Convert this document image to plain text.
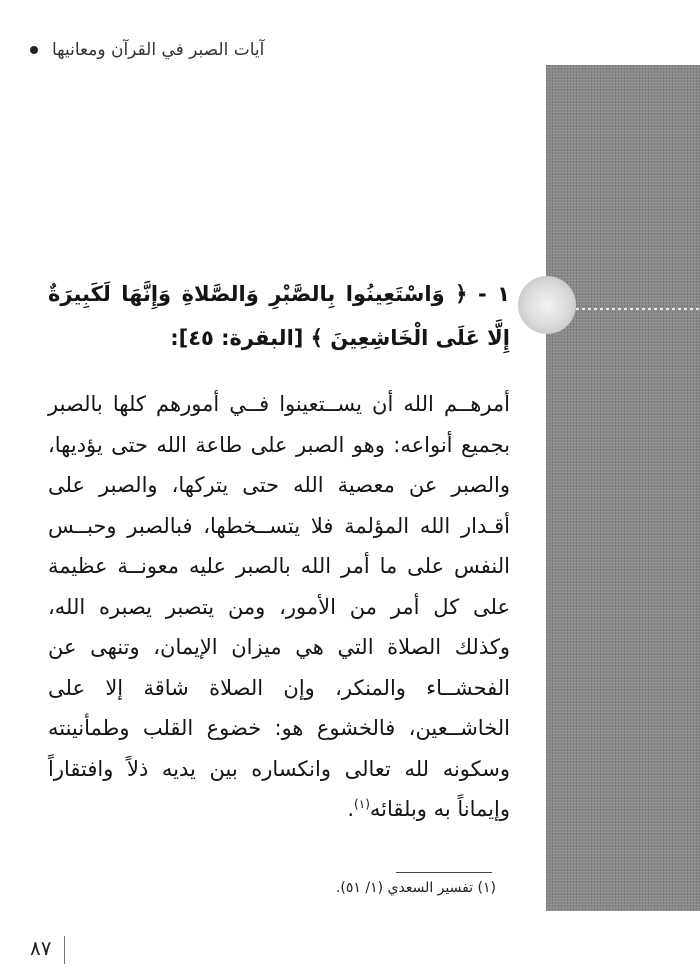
آيات الصبر في القرآن ومعانيها

١ - ﴿ وَاسْتَعِينُوا بِالصَّبْرِ وَالصَّلاةِ وَإِنَّهَا لَكَبِيرَةٌ إِلَّا عَلَى الْخَاشِعِينَ ﴾ [البقرة: ٤٥]:

أمرهــم الله أن يســتعينوا فــي أمورهم كلها بالصبر بجميع أنواعه: وهو الصبر على طاعة الله حتى يؤديها، والصبر عن معصية الله حتى يتركها، والصبر على أقـدار الله المؤلمة فلا يتســخطها، فبالصبر وحبــس النفس على ما أمر الله بالصبر عليه معونــة عظيمة على كل أمر من الأمور، ومن يتصبر يصبره الله، وكذلك الصلاة التي هي ميزان الإيمان، وتنهى عن الفحشــاء والمنكر، وإن الصلاة شاقة إلا على الخاشــعين، فالخشوع هو: خضوع القلب وطمأنينته وسكونه لله تعالى وانكساره بين يديه ذلاً وافتقاراً وإيماناً به وبلقائه$^{(١)}$.

(١) تفسير السعدي (١/ ٥١).
٨٧
